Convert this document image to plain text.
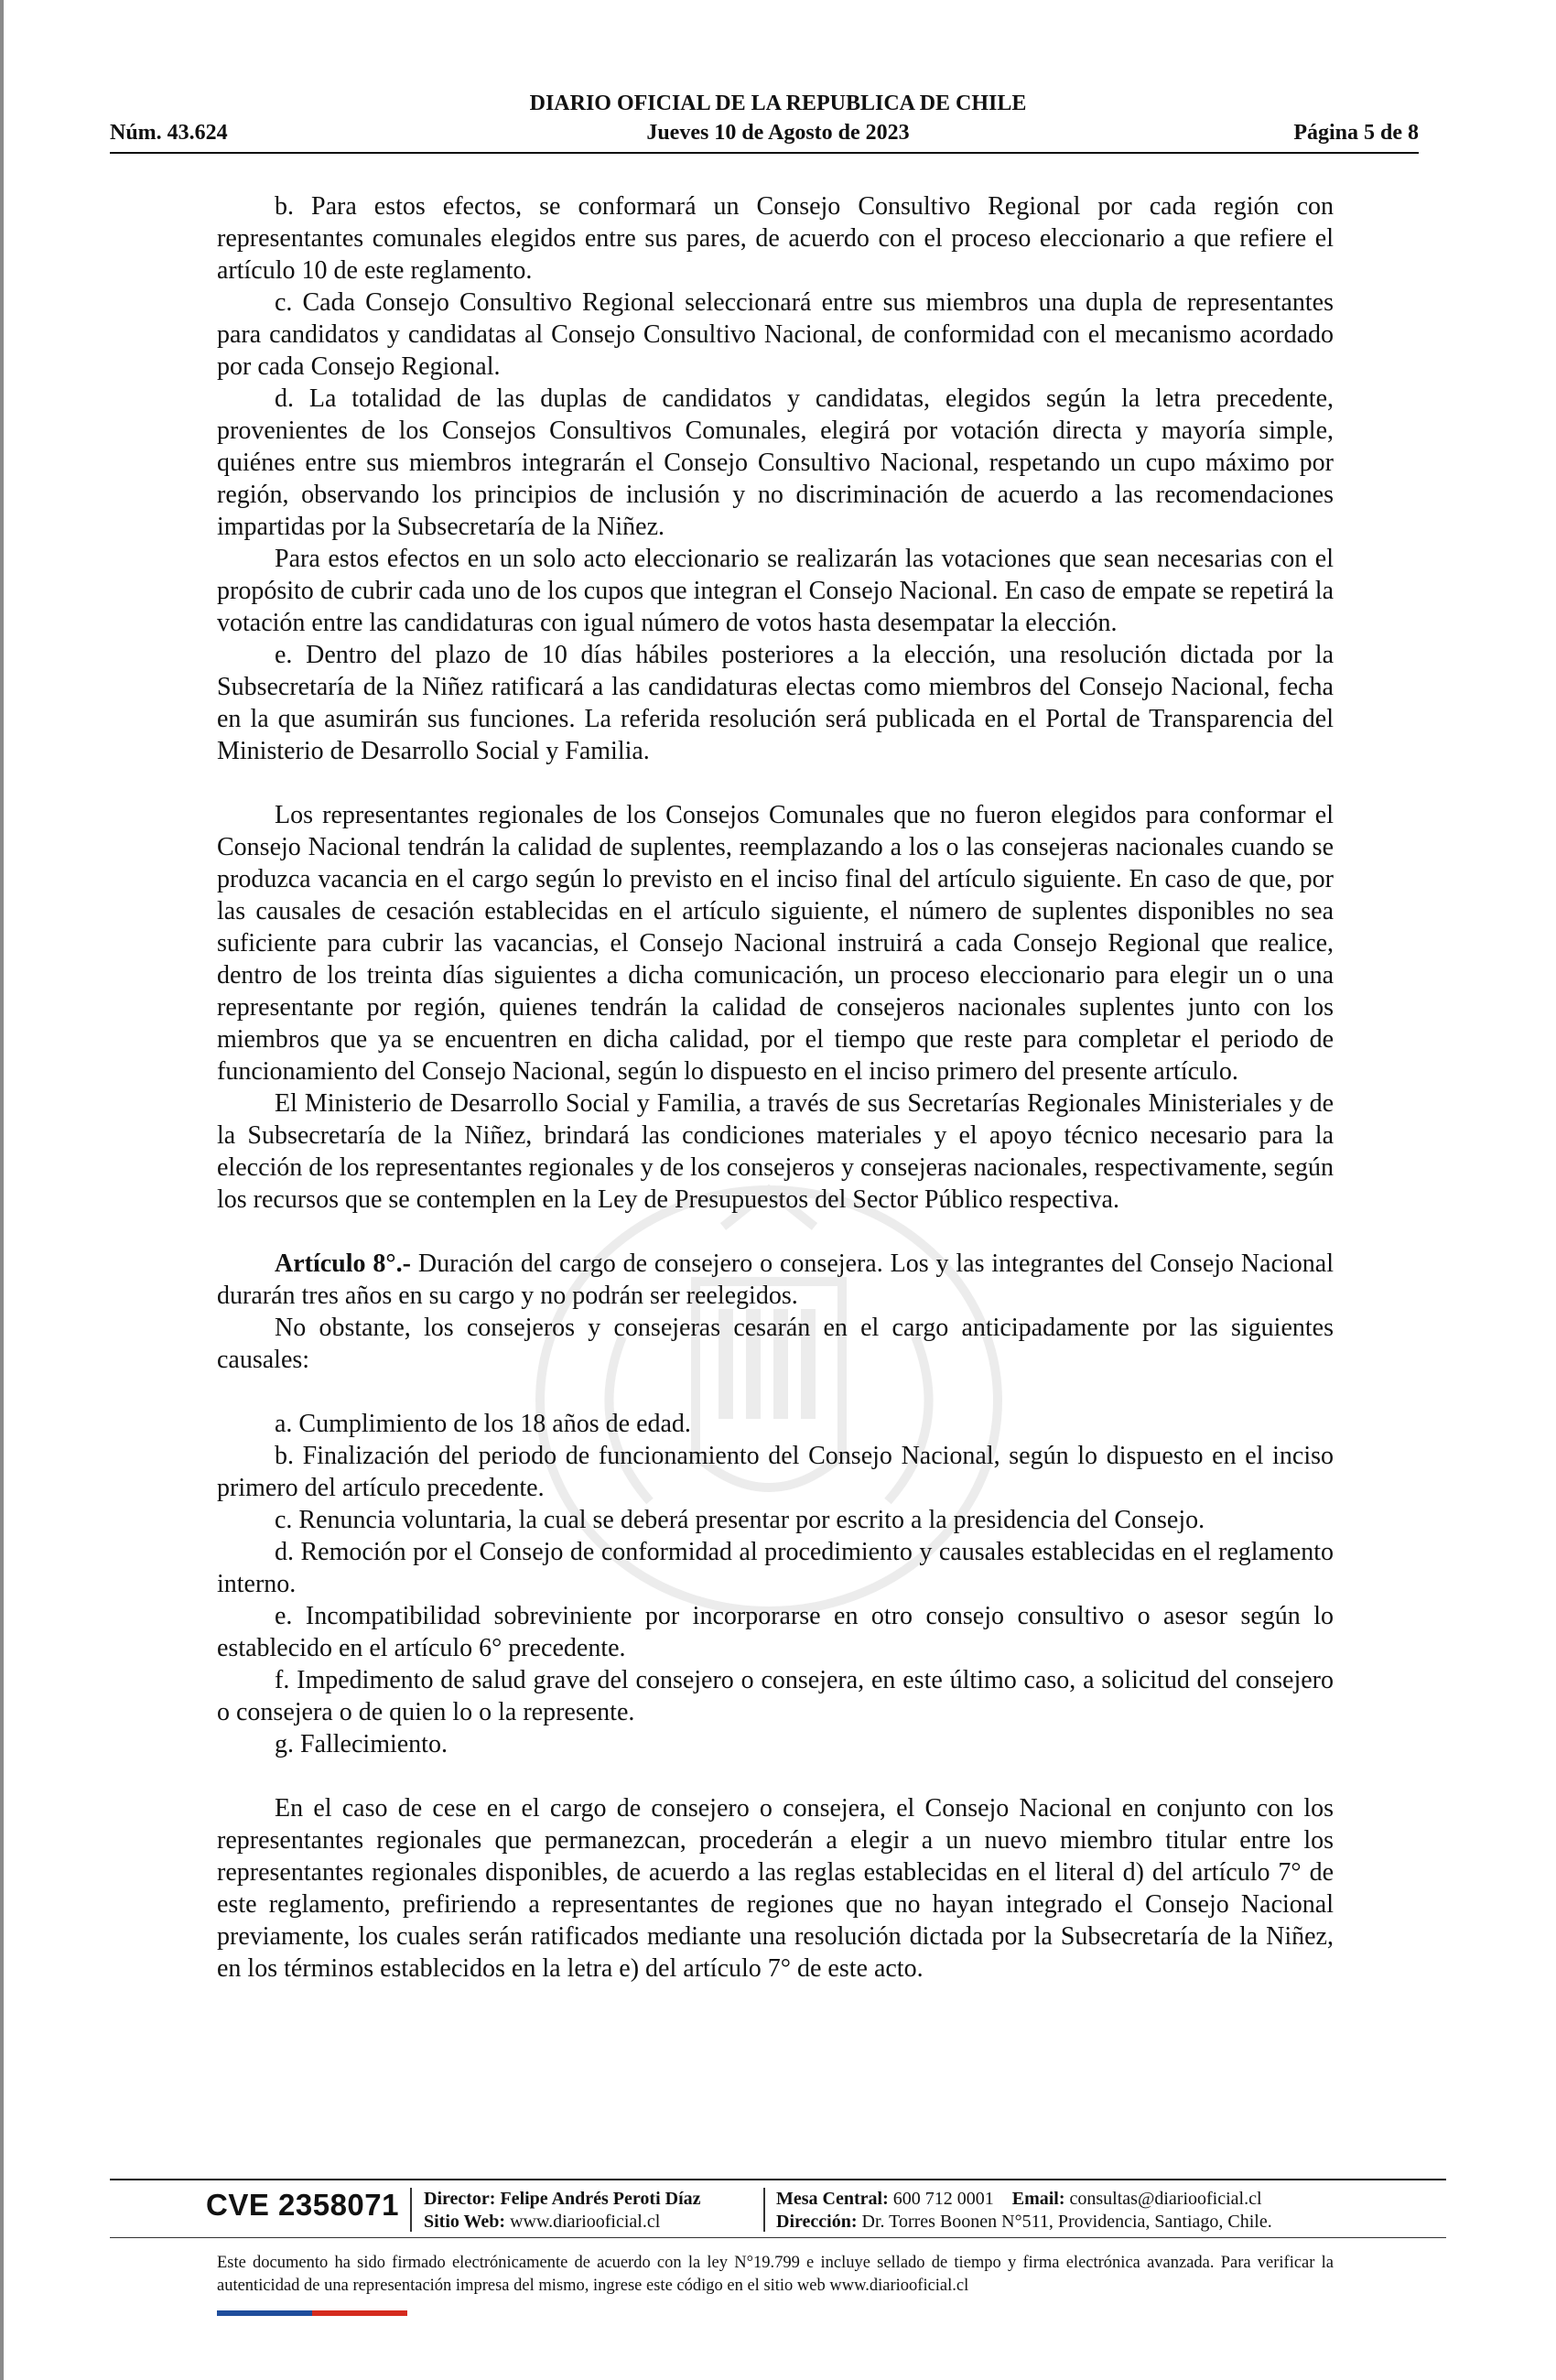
DIARIO OFICIAL DE LA REPUBLICA DE CHILE
Núm. 43.624	Jueves 10 de Agosto de 2023	Página 5 de 8

b. Para estos efectos, se conformará un Consejo Consultivo Regional por cada región con representantes comunales elegidos entre sus pares, de acuerdo con el proceso eleccionario a que refiere el artículo 10 de este reglamento.

c. Cada Consejo Consultivo Regional seleccionará entre sus miembros una dupla de representantes para candidatos y candidatas al Consejo Consultivo Nacional, de conformidad con el mecanismo acordado por cada Consejo Regional.

d. La totalidad de las duplas de candidatos y candidatas, elegidos según la letra precedente, provenientes de los Consejos Consultivos Comunales, elegirá por votación directa y mayoría simple, quiénes entre sus miembros integrarán el Consejo Consultivo Nacional, respetando un cupo máximo por región, observando los principios de inclusión y no discriminación de acuerdo a las recomendaciones impartidas por la Subsecretaría de la Niñez.

Para estos efectos en un solo acto eleccionario se realizarán las votaciones que sean necesarias con el propósito de cubrir cada uno de los cupos que integran el Consejo Nacional. En caso de empate se repetirá la votación entre las candidaturas con igual número de votos hasta desempatar la elección.

e. Dentro del plazo de 10 días hábiles posteriores a la elección, una resolución dictada por la Subsecretaría de la Niñez ratificará a las candidaturas electas como miembros del Consejo Nacional, fecha en la que asumirán sus funciones. La referida resolución será publicada en el Portal de Transparencia del Ministerio de Desarrollo Social y Familia.

Los representantes regionales de los Consejos Comunales que no fueron elegidos para conformar el Consejo Nacional tendrán la calidad de suplentes, reemplazando a los o las consejeras nacionales cuando se produzca vacancia en el cargo según lo previsto en el inciso final del artículo siguiente. En caso de que, por las causales de cesación establecidas en el artículo siguiente, el número de suplentes disponibles no sea suficiente para cubrir las vacancias, el Consejo Nacional instruirá a cada Consejo Regional que realice, dentro de los treinta días siguientes a dicha comunicación, un proceso eleccionario para elegir un o una representante por región, quienes tendrán la calidad de consejeros nacionales suplentes junto con los miembros que ya se encuentren en dicha calidad, por el tiempo que reste para completar el periodo de funcionamiento del Consejo Nacional, según lo dispuesto en el inciso primero del presente artículo.

El Ministerio de Desarrollo Social y Familia, a través de sus Secretarías Regionales Ministeriales y de la Subsecretaría de la Niñez, brindará las condiciones materiales y el apoyo técnico necesario para la elección de los representantes regionales y de los consejeros y consejeras nacionales, respectivamente, según los recursos que se contemplen en la Ley de Presupuestos del Sector Público respectiva.

Artículo 8°.- Duración del cargo de consejero o consejera. Los y las integrantes del Consejo Nacional durarán tres años en su cargo y no podrán ser reelegidos.

No obstante, los consejeros y consejeras cesarán en el cargo anticipadamente por las siguientes causales:

a. Cumplimiento de los 18 años de edad.

b. Finalización del periodo de funcionamiento del Consejo Nacional, según lo dispuesto en el inciso primero del artículo precedente.

c. Renuncia voluntaria, la cual se deberá presentar por escrito a la presidencia del Consejo.

d. Remoción por el Consejo de conformidad al procedimiento y causales establecidas en el reglamento interno.

e. Incompatibilidad sobreviniente por incorporarse en otro consejo consultivo o asesor según lo establecido en el artículo 6° precedente.

f. Impedimento de salud grave del consejero o consejera, en este último caso, a solicitud del consejero o consejera o de quien lo o la represente.

g. Fallecimiento.

En el caso de cese en el cargo de consejero o consejera, el Consejo Nacional en conjunto con los representantes regionales que permanezcan, procederán a elegir a un nuevo miembro titular entre los representantes regionales disponibles, de acuerdo a las reglas establecidas en el literal d) del artículo 7° de este reglamento, prefiriendo a representantes de regiones que no hayan integrado el Consejo Nacional previamente, los cuales serán ratificados mediante una resolución dictada por la Subsecretaría de la Niñez, en los términos establecidos en la letra e) del artículo 7° de este acto.

CVE 2358071 Director: Felipe Andrés Peroti Díaz
Sitio Web: www.diariooficial.cl
Mesa Central: 600 712 0001 Email: consultas@diariooficial.cl
Dirección: Dr. Torres Boonen N°511, Providencia, Santiago, Chile.
Este documento ha sido firmado electrónicamente de acuerdo con la ley N°19.799 e incluye sellado de tiempo y firma electrónica avanzada. Para verificar la autenticidad de una representación impresa del mismo, ingrese este código en el sitio web www.diariooficial.cl
